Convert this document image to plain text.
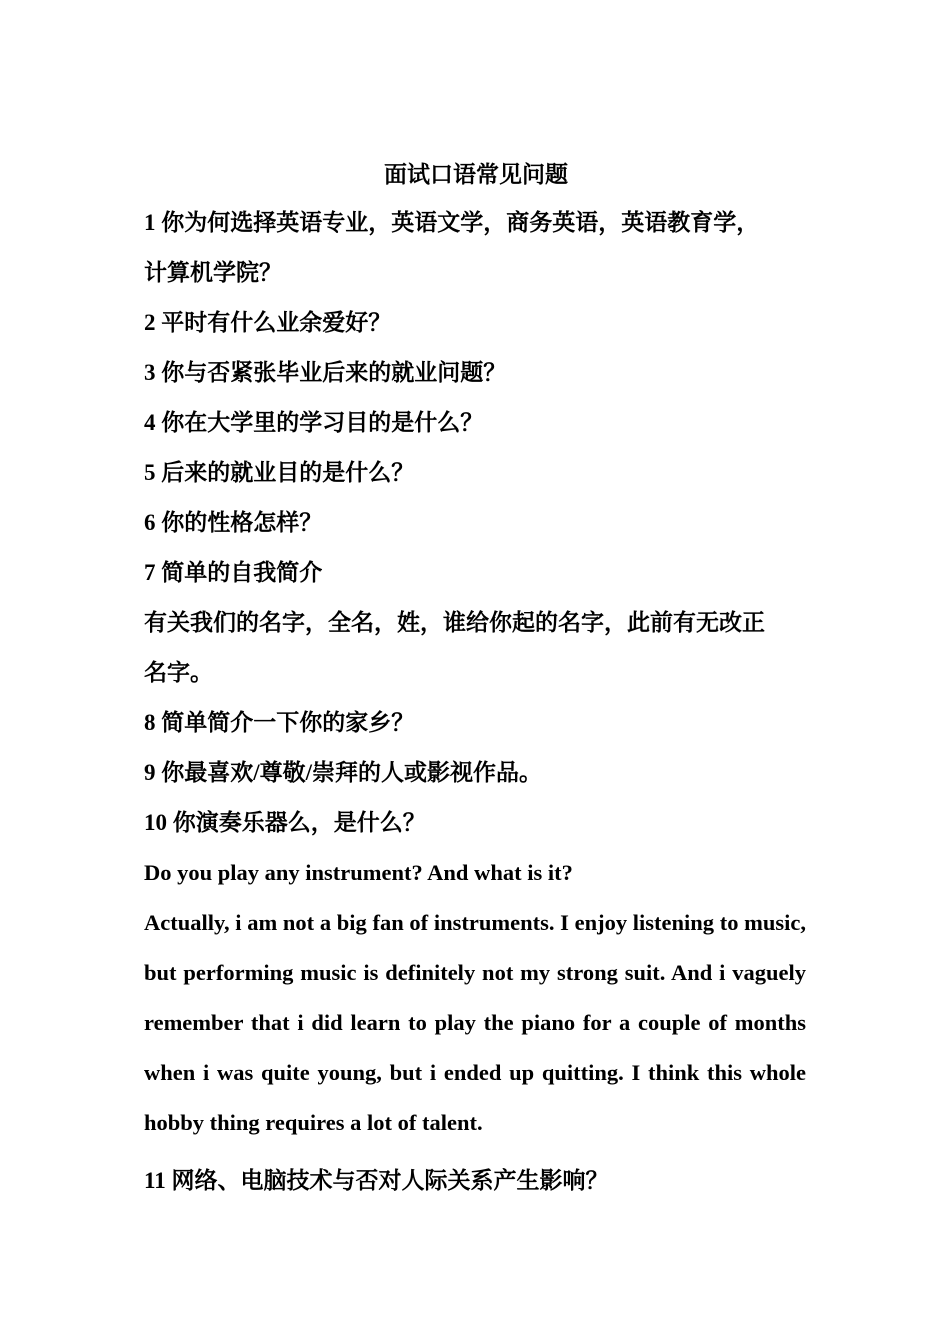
面试口语常见问题

1 你为何选择英语专业，英语文学，商务英语，英语教育学，

计算机学院？

2 平时有什么业余爱好？

3 你与否紧张毕业后来的就业问题？

4 你在大学里的学习目的是什么？

5 后来的就业目的是什么？

6 你的性格怎样？

7 简单的自我简介

有关我们的名字，全名，姓，谁给你起的名字，此前有无改正

名字。

8 简单简介一下你的家乡？

9 你最喜欢/尊敬/崇拜的人或影视作品。

10 你演奏乐器么，是什么？

Do you play any instrument? And what is it?

Actually, i am not a big fan of instruments. I enjoy listening to music, but performing music is definitely not my strong suit. And i vaguely remember that i did learn to play the piano for a couple of months when i was quite young, but i ended up quitting. I think this whole hobby thing requires a lot of talent.

11 网络、电脑技术与否对人际关系产生影响？
